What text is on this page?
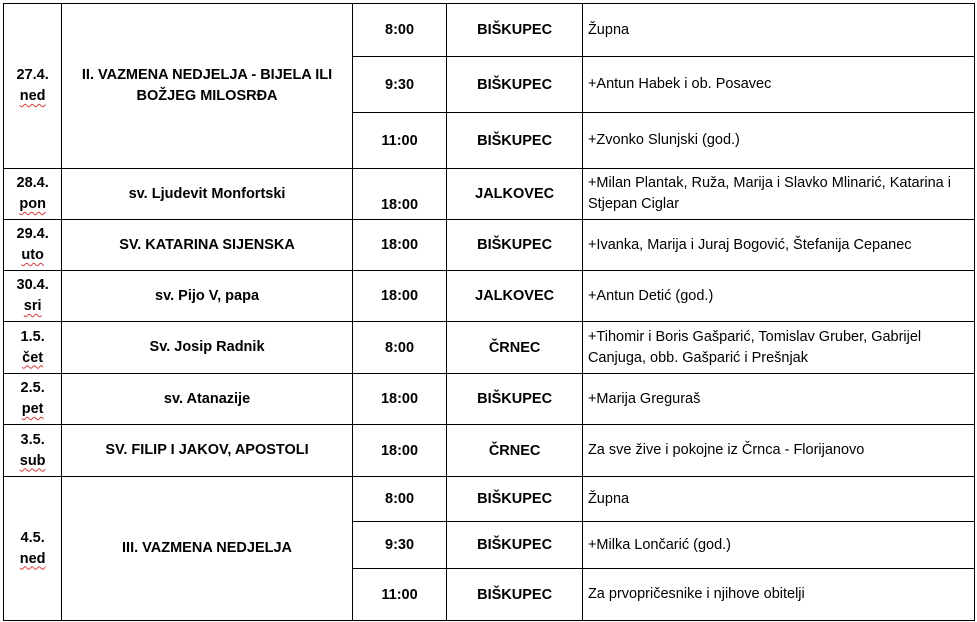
27.4.
ned	II. VAZMENA NEDJELJA - BIJELA ILI BOŽJEG MILOSRĐA	8:00	BIŠKUPEC	Župna
		9:30	BIŠKUPEC	+Antun Habek i ob. Posavec
		11:00	BIŠKUPEC	+Zvonko Slunjski (god.)

28.4.
pon	sv. Ljudevit Monfortski	18:00	JALKOVEC	+Milan Plantak, Ruža, Marija i Slavko Mlinarić, Katarina i Stjepan Ciglar

29.4.
uto	SV. KATARINA SIJENSKA	18:00	BIŠKUPEC	+Ivanka, Marija i Juraj Bogović, Štefanija Cepanec

30.4.
sri	sv. Pijo V, papa	18:00	JALKOVEC	+Antun Detić (god.)

1.5.
čet	Sv. Josip Radnik	8:00	ČRNEC	+Tihomir i Boris Gašparić, Tomislav Gruber, Gabrijel Canjuga, obb. Gašparić i Prešnjak

2.5.
pet	sv. Atanazije	18:00	BIŠKUPEC	+Marija Greguraš

3.5.
sub	SV. FILIP I JAKOV, APOSTOLI	18:00	ČRNEC	Za sve žive i pokojne iz Črnca - Florijanovo

4.5.
ned	III. VAZMENA NEDJELJA	8:00	BIŠKUPEC	Župna
		9:30	BIŠKUPEC	+Milka Lončarić (god.)
		11:00	BIŠKUPEC	Za prvopričesnike i njihove obitelji
